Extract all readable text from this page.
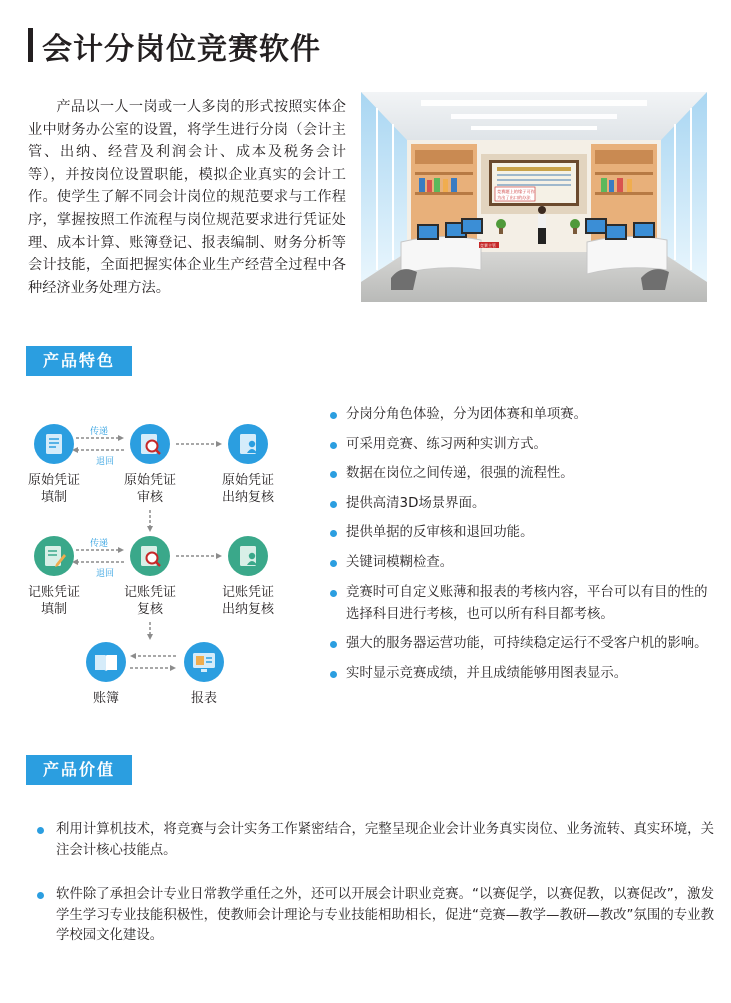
会计分岗位竞赛软件

产品以一人一岗或一人多岗的形式按照实体企业中财务办公室的设置，将学生进行分岗（会计主管、出纳、经营及利润会计、成本及税务会计等），并按岗位设置职能，模拟企业真实的会计工作。使学生了解不同会计岗位的规范要求与工作程序，掌握按照工作流程与岗位规范要求进行凭证处理、成本计算、账簿登记、报表编制、财务分析等会计技能，全面把握实体企业生产经营全过程中各种经济业务处理方法。

竞赛题上的缘子可作
为出了出口的办法
竞赛主管
产品特色
传递
退回
传递
退回
原始凭证
填制
原始凭证
审核
原始凭证
出纳复核
记账凭证
填制
记账凭证
复核
记账凭证
出纳复核
账簿	报表
分岗分角色体验，分为团体赛和单项赛。
可采用竞赛、练习两种实训方式。
数据在岗位之间传递，很强的流程性。
提供高清3D场景界面。
提供单据的反审核和退回功能。
关键词模糊检查。
竞赛时可自定义账薄和报表的考核内容，平台可以有目的性的选择科目进行考核，也可以所有科目都考核。
强大的服务器运营功能，可持续稳定运行不受客户机的影响。
实时显示竞赛成绩，并且成绩能够用图表显示。
产品价值
利用计算机技术，将竞赛与会计实务工作紧密结合，完整呈现企业会计业务真实岗位、业务流转、真实环境，关注会计核心技能点。
软件除了承担会计专业日常教学重任之外，还可以开展会计职业竞赛。“以赛促学，以赛促教，以赛促改”，激发学生学习专业技能积极性，使教师会计理论与专业技能相助相长，促进“竞赛—教学—教研—教改”氛围的专业教学校园文化建设。
